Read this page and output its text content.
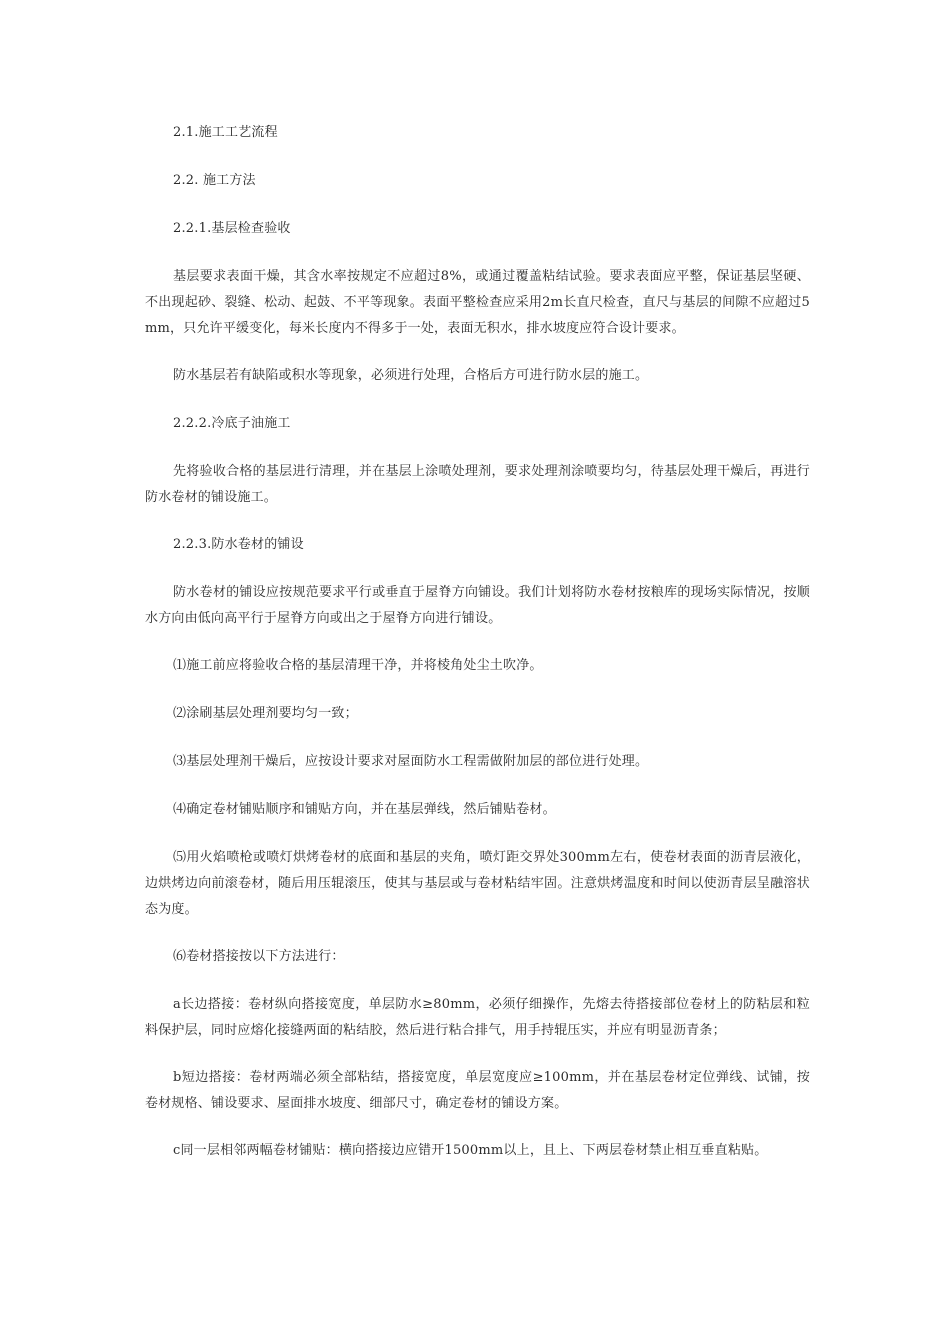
2.1.施工工艺流程

2.2. 施工方法

2.2.1.基层检查验收

基层要求表面干燥，其含水率按规定不应超过8%，或通过覆盖粘结试验。要求表面应平整，保证基层坚硬、不出现起砂、裂缝、松动、起鼓、不平等现象。表面平整检查应采用2m长直尺检查，直尺与基层的间隙不应超过5mm，只允许平缓变化，每米长度内不得多于一处，表面无积水，排水坡度应符合设计要求。

防水基层若有缺陷或积水等现象，必须进行处理，合格后方可进行防水层的施工。

2.2.2.冷底子油施工

先将验收合格的基层进行清理，并在基层上涂喷处理剂，要求处理剂涂喷要均匀，待基层处理干燥后，再进行防水卷材的铺设施工。

2.2.3.防水卷材的铺设

防水卷材的铺设应按规范要求平行或垂直于屋脊方向铺设。我们计划将防水卷材按粮库的现场实际情况，按顺水方向由低向高平行于屋脊方向或出之于屋脊方向进行铺设。

⑴施工前应将验收合格的基层清理干净，并将棱角处尘土吹净。

⑵涂刷基层处理剂要均匀一致；

⑶基层处理剂干燥后，应按设计要求对屋面防水工程需做附加层的部位进行处理。

⑷确定卷材铺贴顺序和铺贴方向，并在基层弹线，然后铺贴卷材。

⑸用火焰喷枪或喷灯烘烤卷材的底面和基层的夹角，喷灯距交界处300mm左右，使卷材表面的沥青层液化，边烘烤边向前滚卷材，随后用压辊滚压，使其与基层或与卷材粘结牢固。注意烘烤温度和时间以使沥青层呈融溶状态为度。

⑹卷材搭接按以下方法进行：

a长边搭接：卷材纵向搭接宽度，单层防水≥80mm，必须仔细操作，先熔去待搭接部位卷材上的防粘层和粒料保护层，同时应熔化接缝两面的粘结胶，然后进行粘合排气，用手持辊压实，并应有明显沥青条；

b短边搭接：卷材两端必须全部粘结，搭接宽度，单层宽度应≥100mm，并在基层卷材定位弹线、试铺，按卷材规格、铺设要求、屋面排水坡度、细部尺寸，确定卷材的铺设方案。

c同一层相邻两幅卷材铺贴：横向搭接边应错开1500mm以上，且上、下两层卷材禁止相互垂直粘贴。
